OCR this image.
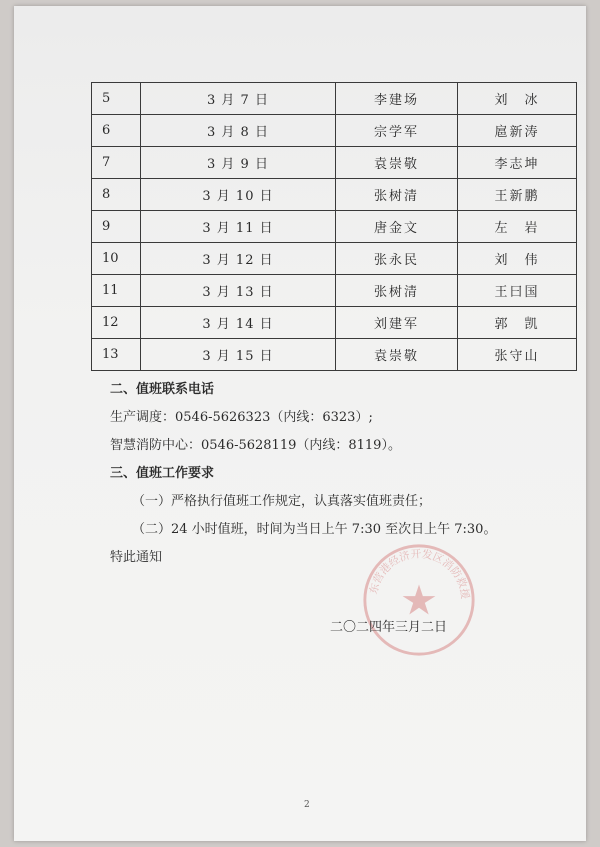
5	3 月 7 日	李建场	刘　冰
6	3 月 8 日	宗学军	扈新涛
7	3 月 9 日	袁崇敬	李志坤
8	3 月 10 日	张树清	王新鹏
9	3 月 11 日	唐金文	左　岩
10	3 月 12 日	张永民	刘　伟
11	3 月 13 日	张树清	王曰国
12	3 月 14 日	刘建军	郭　凯
13	3 月 15 日	袁崇敬	张守山
二、值班联系电话
生产调度：0546-5626323（内线：6323）;
智慧消防中心：0546-5628119（内线：8119）。
三、值班工作要求
（一）严格执行值班工作规定，认真落实值班责任；
（二）24 小时值班，时间为当日上午 7:30 至次日上午 7:30。
特此通知
东营港经济开发区消防救援
二〇二四年三月二日
2
